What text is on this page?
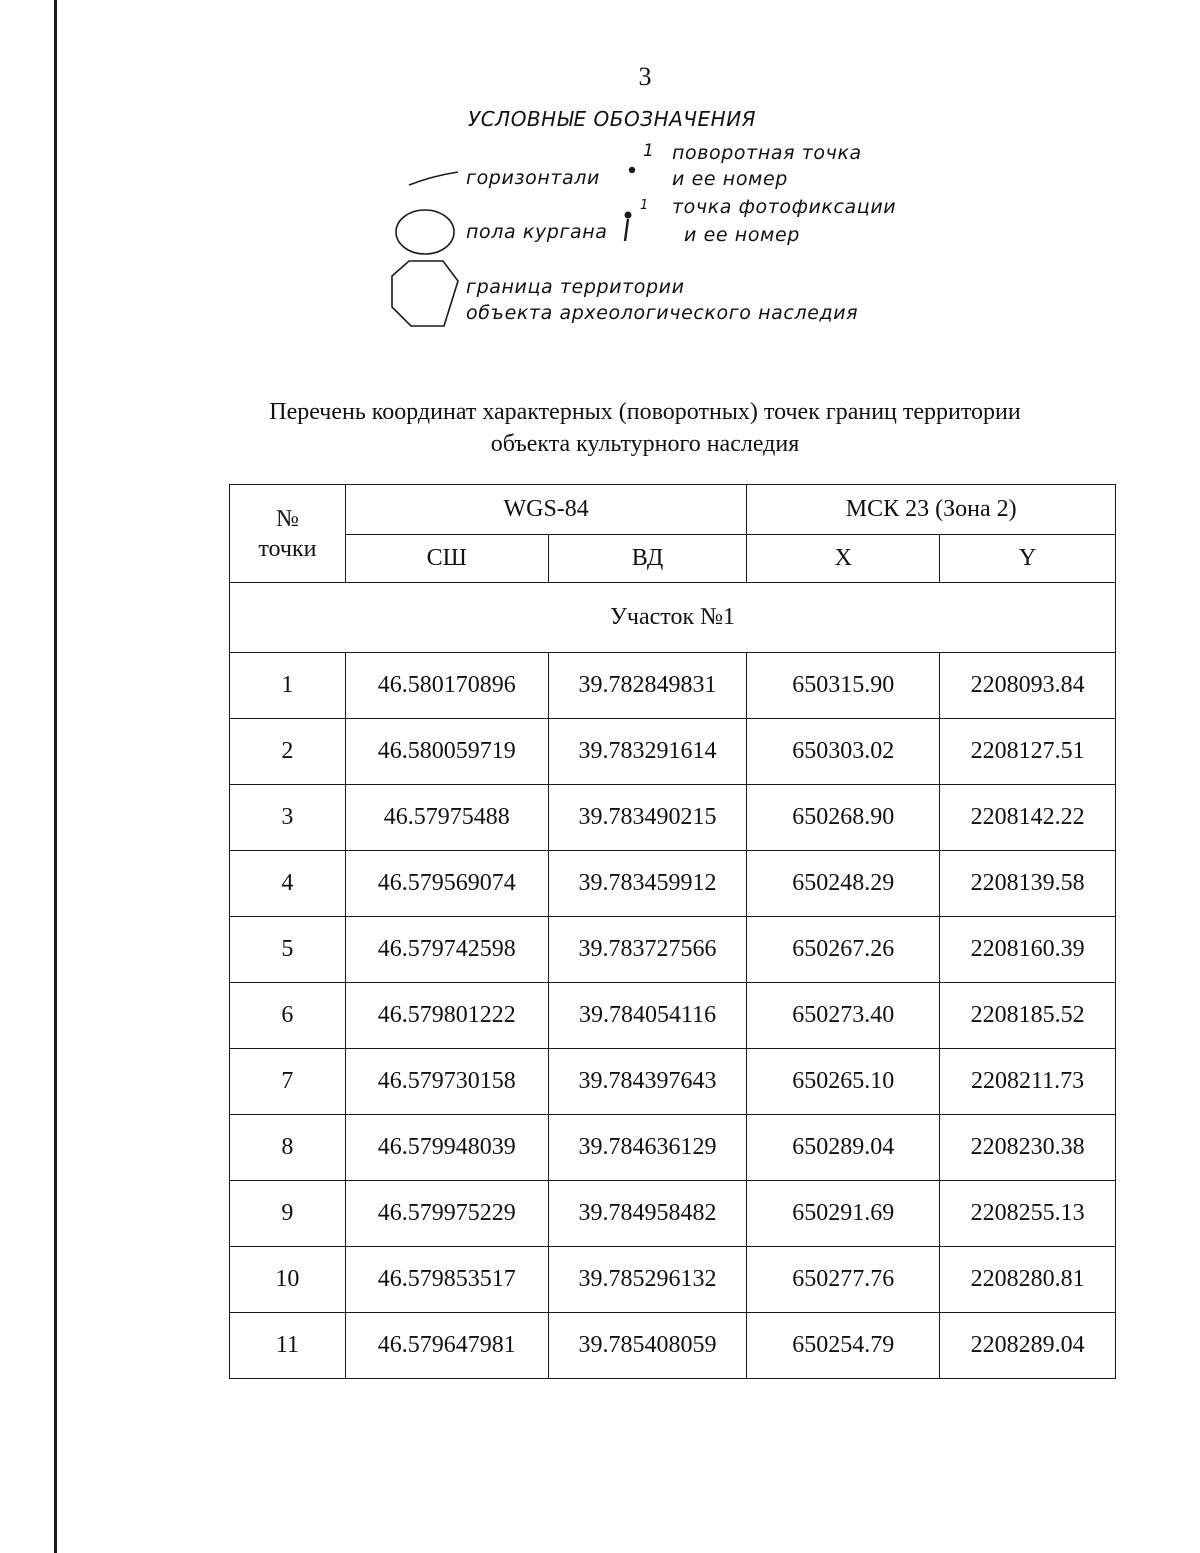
3
УСЛОВНЫЕ ОБОЗНАЧЕНИЯ
1 поворотная точка
горизонтали	и ее номер
1 точка фотофиксации
пола кургана	и ее номер
граница территории
объекта археологического наследия
Перечень координат характерных (поворотных) точек границ территории
объекта культурного наследия
№
точки	WGS-84		МСК 23 (Зона 2)	
	СШ	ВД	X	Y
Участок №1				
1	46.580170896	39.782849831	650315.90	2208093.84
2	46.580059719	39.783291614	650303.02	2208127.51
3	46.57975488	39.783490215	650268.90	2208142.22
4	46.579569074	39.783459912	650248.29	2208139.58
5	46.579742598	39.783727566	650267.26	2208160.39
6	46.579801222	39.784054116	650273.40	2208185.52
7	46.579730158	39.784397643	650265.10	2208211.73
8	46.579948039	39.784636129	650289.04	2208230.38
9	46.579975229	39.784958482	650291.69	2208255.13
10	46.579853517	39.785296132	650277.76	2208280.81
11	46.579647981	39.785408059	650254.79	2208289.04
